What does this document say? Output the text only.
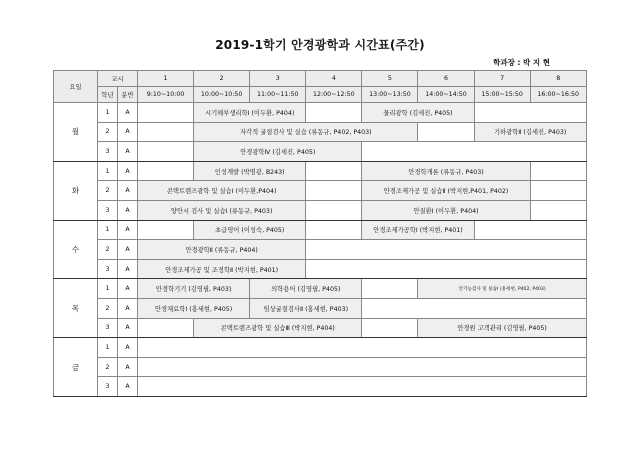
2019-1학기 안경광학과 시간표(주간)
학과장 : 박 지 현
요일	교시		1	2	3	4	5	6	7	8
	학년	분반	9:10~10:00	10:00~10:50	11:00~11:50	12:00~12:50	13:00~13:50	14:00~14:50	15:00~15:50	16:00~16:50
월	1	A		시기해부생리학Ⅰ (이두환, P404)			물리광학 (김세진, P405)			
	2	A		자각적 굴절검사 및 실습 (류동규, P402, P403)					기하광학Ⅱ (김세진, P403)	
	3	A		안경광학Ⅳ (김세진, P405)						
화	1	A		인성계발 (박명광, B243)			안경학개론 (류동규, P403)			
	2	A	콘택트렌즈광학 및 실습Ⅰ (이두환,P404)				안경조제가공 및 실습Ⅱ (박지현,P401, P402)			
	3	A	양안시 검사 및 실습Ⅰ (류동규, P403)				안질환Ⅰ (이두환, P404)			
수	1	A		초급영어 (이성숙, P405)			안경조제가공학Ⅰ (박지현, P401)			
	2	A	안경광학Ⅱ (류동규, P404)							
	3	A	안경조제가공 및 조정학Ⅱ (박지현, P401)							
목	1	A	안경학기기 (김영필, P403)		의학용어 (김영필, P405)			안기능검사 및 실습Ⅰ (홍세현, P402, P403)		
	2	A	안경재료학Ⅰ (홍세현, P405)		임상굴절검사Ⅱ (홍세현, P403)					
	3	A		콘택트렌즈광학 및 실습Ⅲ (박지현, P404)				안경원 고객관리 (김영필, P405)		
금	1	A								
	2	A								
	3	A								
